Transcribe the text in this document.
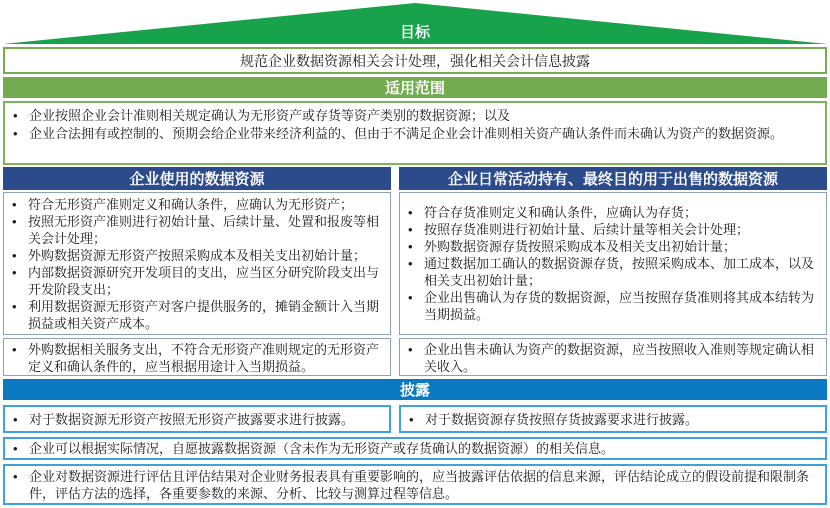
目标
规范企业数据资源相关会计处理，强化相关会计信息披露
适用范围
• 企业按照企业会计准则相关规定确认为无形资产或存货等资产类别的数据资源；以及
• 企业合法拥有或控制的、预期会给企业带来经济利益的、但由于不满足企业会计准则相关资产确认条件而未确认为资产的数据资源。
企业使用的数据资源	企业日常活动持有、最终目的用于出售的数据资源
• 符合无形资产准则定义和确认条件，应确认为无形资产；
• 按照无形资产准则进行初始计量、后续计量、处置和报废等相关会计处理；
• 外购数据资源无形资产按照采购成本及相关支出初始计量；
• 内部数据资源研究开发项目的支出，应当区分研究阶段支出与开发阶段支出；
• 利用数据资源无形资产对客户提供服务的，摊销金额计入当期损益或相关资产成本。
• 符合存货准则定义和确认条件，应确认为存货；
• 按照存货准则进行初始计量、后续计量等相关会计处理；
• 外购数据资源存货按照采购成本及相关支出初始计量；
• 通过数据加工确认的数据资源存货，按照采购成本、加工成本，以及相关支出初始计量；
• 企业出售确认为存货的数据资源，应当按照存货准则将其成本结转为当期损益。
• 外购数据相关服务支出，不符合无形资产准则规定的无形资产定义和确认条件的，应当根据用途计入当期损益。
• 企业出售未确认为资产的数据资源，应当按照收入准则等规定确认相关收入。
披露
• 对于数据资源无形资产按照无形资产披露要求进行披露。	• 对于数据资源存货按照存货披露要求进行披露。
• 企业可以根据实际情况，自愿披露数据资源（含未作为无形资产或存货确认的数据资源）的相关信息。
• 企业对数据资源进行评估且评估结果对企业财务报表具有重要影响的，应当披露评估依据的信息来源，评估结论成立的假设前提和限制条件，评估方法的选择，各重要参数的来源、分析、比较与测算过程等信息。
